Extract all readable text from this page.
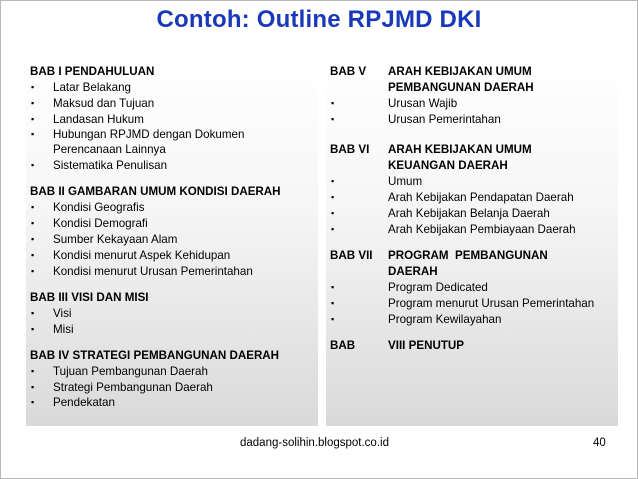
Contoh: Outline RPJMD DKI
BAB I PENDAHULUAN
▪ Latar Belakang
▪ Maksud dan Tujuan
▪ Landasan Hukum
▪ Hubungan RPJMD dengan Dokumen
Perencanaan Lainnya
▪ Sistematika Penulisan
BAB II GAMBARAN UMUM KONDISI DAERAH
▪ Kondisi Geografis
▪ Kondisi Demografi
▪ Sumber Kekayaan Alam
▪ Kondisi menurut Aspek Kehidupan
▪ Kondisi menurut Urusan Pemerintahan
BAB III VISI DAN MISI
▪ Visi
▪ Misi
BAB IV STRATEGI PEMBANGUNAN DAERAH
▪ Tujuan Pembangunan Daerah
▪ Strategi Pembangunan Daerah
▪ Pendekatan
BAB V ARAH KEBIJAKAN UMUM
PEMBANGUNAN DAERAH
▪	Urusan Wajib
▪	Urusan Pemerintahan
BAB VI ARAH KEBIJAKAN UMUM
KEUANGAN DAERAH
▪	Umum
▪	Arah Kebijakan Pendapatan Daerah
▪	Arah Kebijakan Belanja Daerah
▪	Arah Kebijakan Pembiayaan Daerah
BAB VII PROGRAM  PEMBANGUNAN
DAERAH
▪	Program Dedicated
▪	Program menurut Urusan Pemerintahan
▪	Program Kewilayahan
BAB	VIII PENUTUP
dadang-solihin.blogspot.co.id	40
